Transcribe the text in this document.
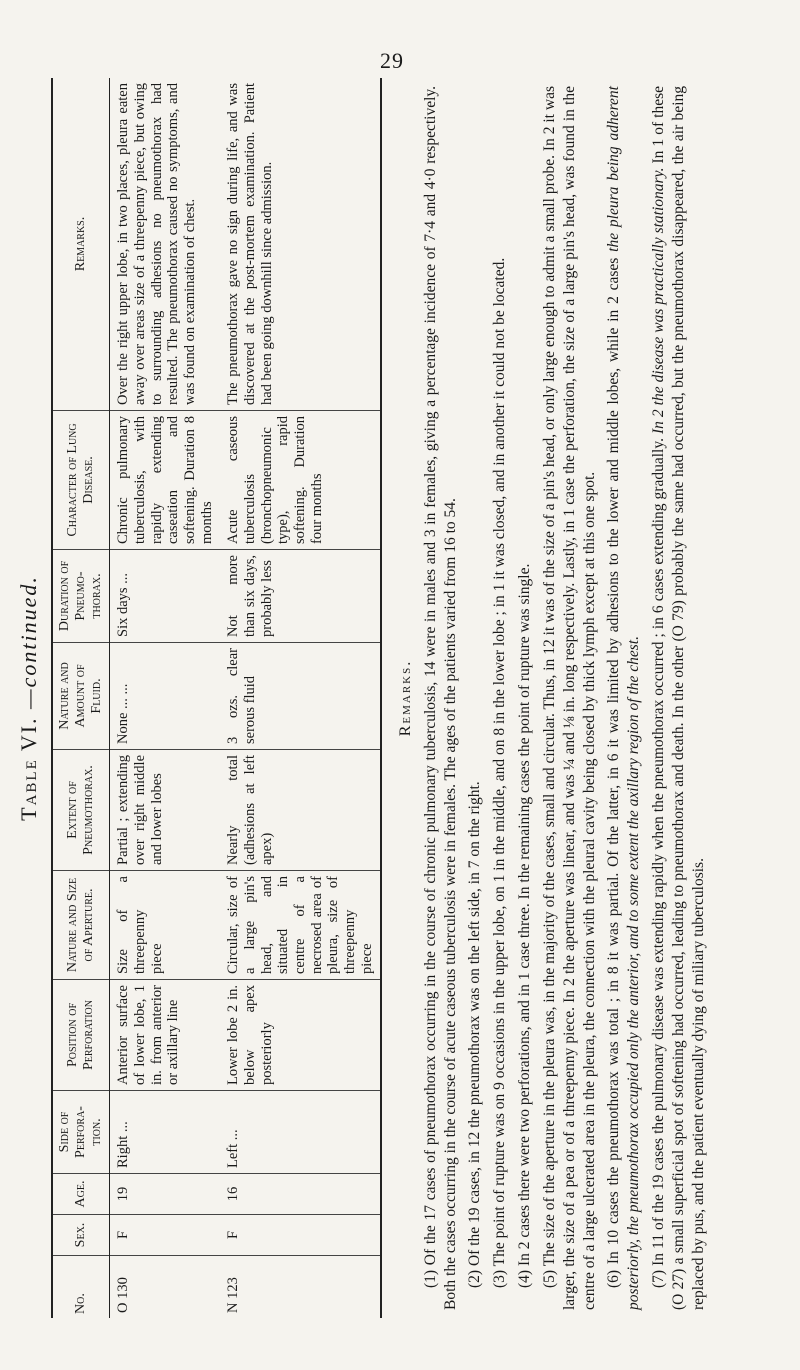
29
Table VI. —continued.
No.	Sex.	Age.	Side of Perfora-tion.	Position of Perforation	Nature and Size of Aperture.	Extent of Pneumothorax.	Nature and Amount of Fluid.	Duration of Pneumo-thorax.	Character of Lung Disease.	Remarks.
O 130	F	19	Right ...	Anterior surface of lower lobe, 1 in. from anterior or axillary line	Size of a threepenny piece	Partial ; extending over right middle and lower lobes	None ... ...	Six days ...	Chronic pulmonary tuberculosis, with rapidly extending caseation and softening. Duration 8 months	Over the right upper lobe, in two places, pleura eaten away over areas size of a threepenny piece, but owing to surrounding adhesions no pneumothorax had resulted. The pneumothorax caused no symptoms, and was found on examination of chest.
N 123	F	16	Left ...	Lower lobe 2 in. below apex posteriorly	Circular, size of a large pin's head, and situated in centre of a necrosed area of pleura, size of threepenny piece	Nearly total (adhesions at left apex)	3 ozs. clear serous fluid	Not more than six days, probably less	Acute caseous tuberculosis (bronchopneumonic type), rapid softening. Duration four months	The pneumothorax gave no sign during life, and was discovered at the post-mortem examination. Patient had been going downhill since admission.
Remarks. (1) Of the 17 cases of pneumothorax occurring in the course of chronic pulmonary tuberculosis, 14 were in males and 3 in females, giving a percentage incidence of 7·4 and 4·0 respectively. Both the cases occurring in the course of acute caseous tuberculosis were in females. The ages of the patients varied from 16 to 54. (2) Of the 19 cases, in 12 the pneumothorax was on the left side, in 7 on the right. (3) The point of rupture was on 9 occasions in the upper lobe, on 1 in the middle, and on 8 in the lower lobe ; in 1 it was closed, and in another it could not be located. (4) In 2 cases there were two perforations, and in 1 case three. In the remaining cases the point of rupture was single. (5) The size of the aperture in the pleura was, in the majority of the cases, small and circular. Thus, in 12 it was of the size of a pin's head, or only large enough to admit a small probe. In 2 it was larger, the size of a pea or of a threepenny piece. In 2 the aperture was linear, and was ¼ and ⅛ in. long respectively. Lastly, in 1 case the perforation, the size of a large pin's head, was found in the centre of a large ulcerated area in the pleura, the connection with the pleural cavity being closed by thick lymph except at this one spot. (6) In 10 cases the pneumothorax was total ; in 8 it was partial. Of the latter, in 6 it was limited by adhesions to the lower and middle lobes, while in 2 cases the pleura being adherent posteriorly, the pneumothorax occupied only the anterior, and to some extent the axillary region of the chest. (7) In 11 of the 19 cases the pulmonary disease was extending rapidly when the pneumothorax occurred ; in 6 cases extending gradually. In 2 the disease was practically stationary. In 1 of these (O 27) a small superficial spot of softening had occurred, leading to pneumothorax and death. In the other (O 79) probably the same had occurred, but the pneumothorax disappeared, the air being replaced by pus, and the patient eventually dying of miliary tuberculosis.
